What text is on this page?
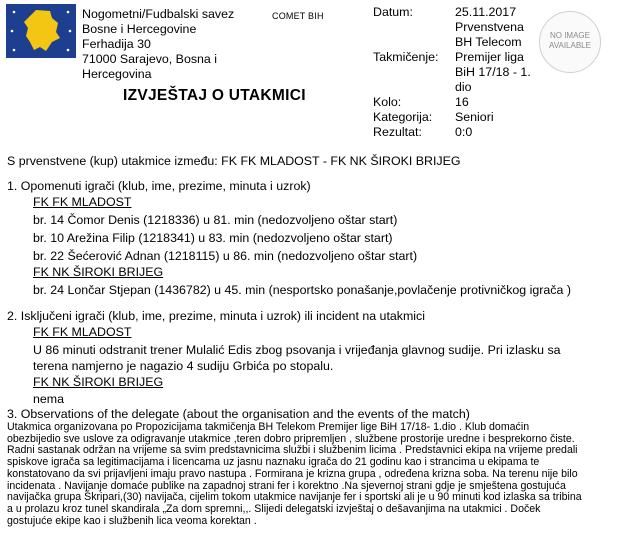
Nogometni/Fudbalski savez
Bosne i Hercegovine
Ferhadija 30
71000 Sarajevo, Bosna i
Hercegovina
COMET BIH
IZVJEŠTAJ O UTAKMICI
Datum:	25.11.2017
Prvenstvena
BH Telecom
Takmičenje: Premijer liga
BiH 17/18 - 1.
dio
Kolo:	16
Kategorija: Seniori
Rezultat:	0:0
NO IMAGE AVAILABLE
S prvenstvene (kup) utakmice između: FK FK MLADOST - FK NK ŠIROKI BRIJEG
1. Opomenuti igrači (klub, ime, prezime, minuta i uzrok)
FK FK MLADOST
br. 14 Čomor Denis (1218336) u 81. min (nedozvoljeno oštar start)
br. 10 Arežina Filip (1218341) u 83. min (nedozvoljeno oštar start)
br. 22 Šećerović Adnan (1218115) u 86. min (nedozvoljeno oštar start)
FK NK ŠIROKI BRIJEG
br. 24 Lončar Stjepan (1436782) u 45. min (nesportsko ponašanje,povlačenje protivničkog igrača )
2. Isključeni igrači (klub, ime, prezime, minuta i uzrok) ili incident na utakmici
FK FK MLADOST
U 86 minuti odstranit trener Mulalić Edis zbog psovanja i vrijeđanja glavnog sudije. Pri izlasku sa
terena namjerno je nagazio 4 sudiju Grbića po stopalu.
FK NK ŠIROKI BRIJEG
nema
3. Observations of the delegate (about the organisation and the events of the match)
Utakmica organizovana po Propozicijama takmičenja BH Telekom Premijer lige BiH 17/18- 1.dio . Klub domaćin
obezbijedio sve uslove za odigravanje utakmice ,teren dobro pripremljen , službene prostorije uredne i besprekorno čiste.
Radni sastanak održan na vrijeme sa svim predstavnicima službi i službenim licima . Predstavnici ekipa na vrijeme predali
spiskove igrača sa legitimacijama i licencama uz jasnu naznaku igrača do 21 godinu kao i strancima u ekipama te
konstatovano da svi prijavljeni imaju pravo nastupa . Formirana je krizna grupa , određena krizna soba. Na terenu nije bilo
incidenata . Navijanje domaće publike na zapadnoj strani fer i korektno .Na sjevernoj strani gdje je smještena gostujuća
navijačka grupa Škripari,(30) navijača, cijelim tokom utakmice navijanje fer i sportski ali je u 90 minuti kod izlaska sa tribina
a u prolazu kroz tunel skandirala „Za dom spremni,,. Slijedi delegatski izvještaj o dešavanjima na utakmici . Doček
gostujuće ekipe kao i službenih lica veoma korektan .
